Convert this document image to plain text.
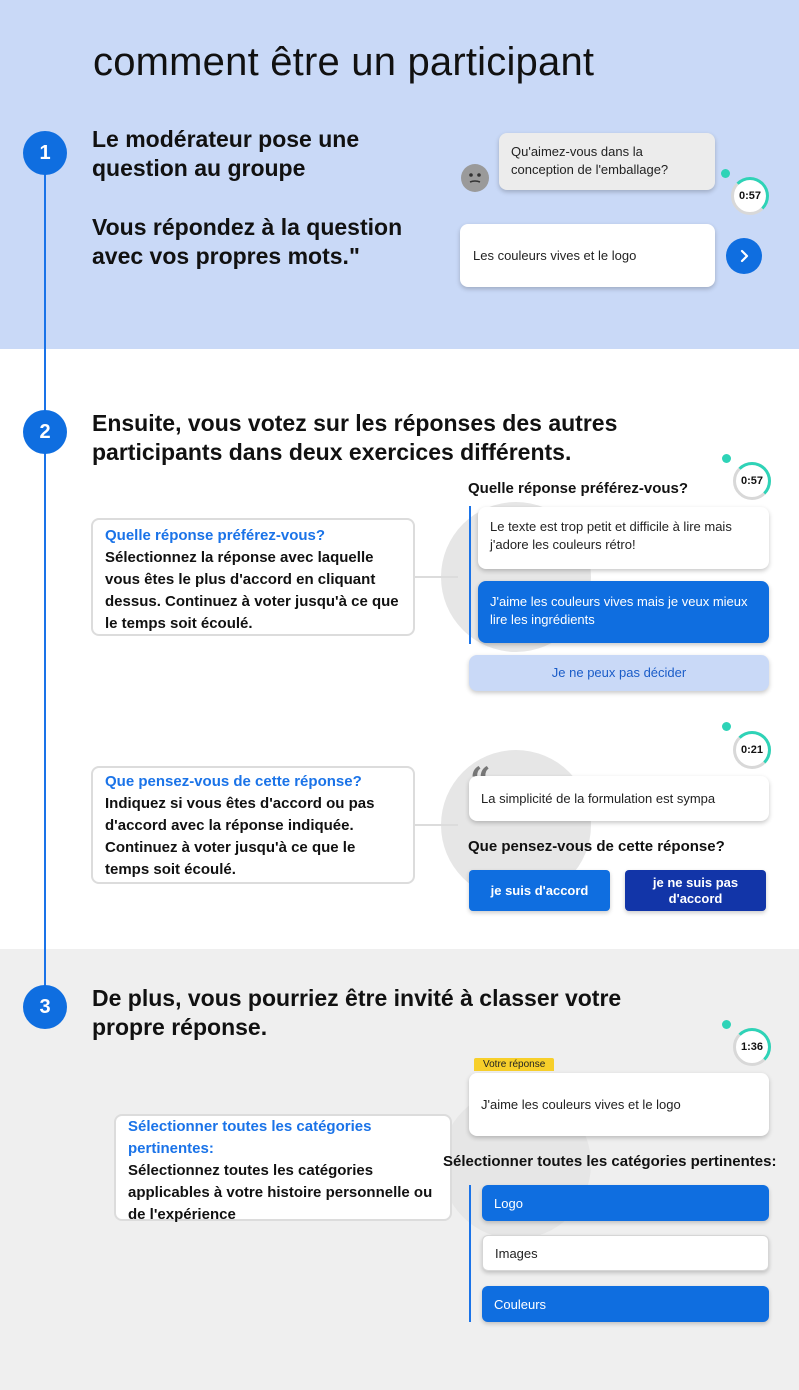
comment être un participant
1
Le modérateur pose une question au groupe
Vous répondez à la question avec vos propres mots."
Qu'aimez-vous dans la conception de l'emballage?
0:57
Les couleurs vives et le logo
2	Ensuite, vous votez sur les réponses des autres participants dans deux exercices différents.
Quelle réponse préférez-vous?
Sélectionnez la réponse avec laquelle vous êtes le plus d'accord en cliquant dessus. Continuez à voter jusqu'à ce que le temps soit écoulé.
0:57
Quelle réponse préférez-vous?
Le texte est trop petit et difficile à lire mais j'adore les couleurs rétro!
J'aime les couleurs vives mais je veux mieux lire les ingrédients
Je ne peux pas décider
Que pensez-vous de cette réponse?
Indiquez si vous êtes d'accord ou pas d'accord avec la réponse indiquée. Continuez à voter jusqu'à ce que le temps soit écoulé.
0:21
La simplicité de la formulation est sympa
Que pensez-vous de cette réponse?
je suis d'accord
je ne suis pas d'accord
3	De plus, vous pourriez être invité à classer votre propre réponse.
Sélectionner toutes les catégories pertinentes:
Sélectionnez toutes les catégories applicables à votre histoire personnelle ou de l'expérience
1:36
Votre réponse
J'aime les couleurs vives et le logo
Sélectionner toutes les catégories pertinentes:
Logo
Images
Couleurs
